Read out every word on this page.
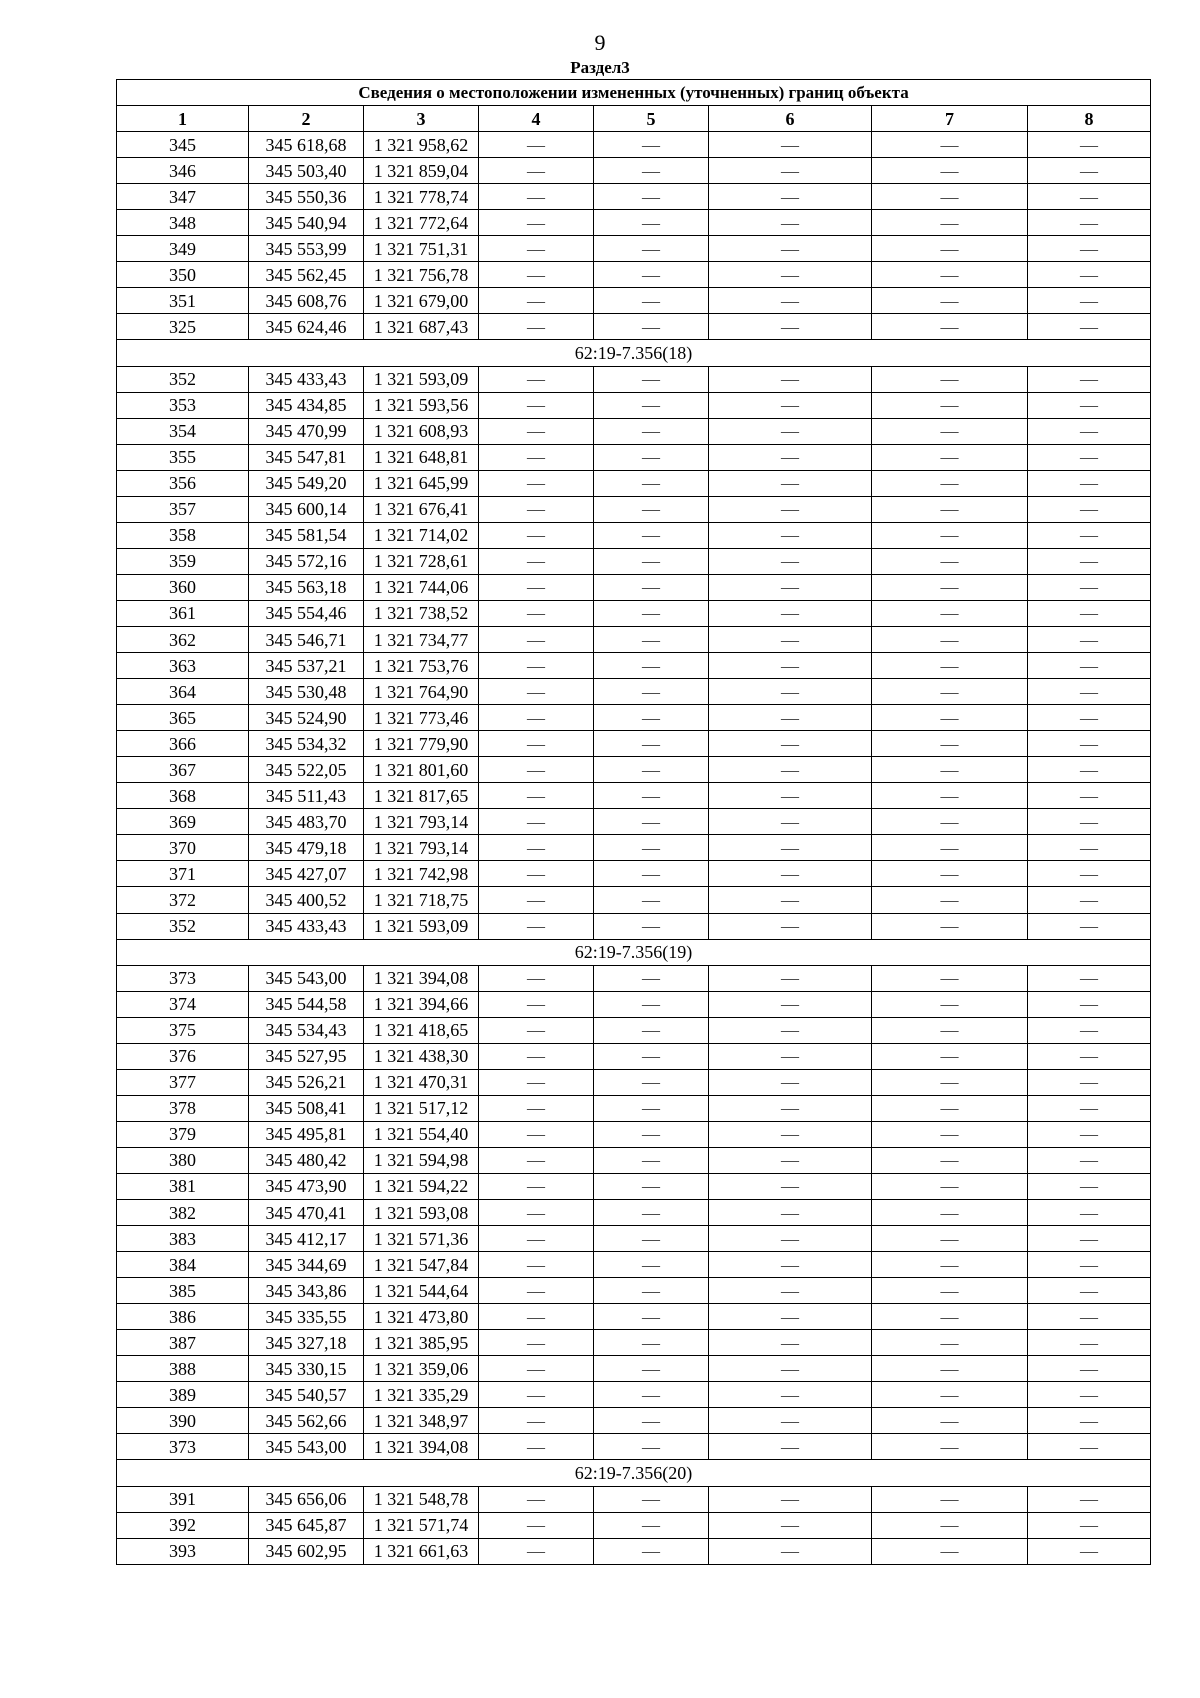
9
Раздел3
Сведения о местоположении измененных (уточненных) границ объекта							
1	2	3	4	5	6	7	8
345	345 618,68	1 321 958,62	—	—	—	—	—
346	345 503,40	1 321 859,04	—	—	—	—	—
347	345 550,36	1 321 778,74	—	—	—	—	—
348	345 540,94	1 321 772,64	—	—	—	—	—
349	345 553,99	1 321 751,31	—	—	—	—	—
350	345 562,45	1 321 756,78	—	—	—	—	—
351	345 608,76	1 321 679,00	—	—	—	—	—
325	345 624,46	1 321 687,43	—	—	—	—	—
62:19-7.356(18)							
352	345 433,43	1 321 593,09	—	—	—	—	—
353	345 434,85	1 321 593,56	—	—	—	—	—
354	345 470,99	1 321 608,93	—	—	—	—	—
355	345 547,81	1 321 648,81	—	—	—	—	—
356	345 549,20	1 321 645,99	—	—	—	—	—
357	345 600,14	1 321 676,41	—	—	—	—	—
358	345 581,54	1 321 714,02	—	—	—	—	—
359	345 572,16	1 321 728,61	—	—	—	—	—
360	345 563,18	1 321 744,06	—	—	—	—	—
361	345 554,46	1 321 738,52	—	—	—	—	—
362	345 546,71	1 321 734,77	—	—	—	—	—
363	345 537,21	1 321 753,76	—	—	—	—	—
364	345 530,48	1 321 764,90	—	—	—	—	—
365	345 524,90	1 321 773,46	—	—	—	—	—
366	345 534,32	1 321 779,90	—	—	—	—	—
367	345 522,05	1 321 801,60	—	—	—	—	—
368	345 511,43	1 321 817,65	—	—	—	—	—
369	345 483,70	1 321 793,14	—	—	—	—	—
370	345 479,18	1 321 793,14	—	—	—	—	—
371	345 427,07	1 321 742,98	—	—	—	—	—
372	345 400,52	1 321 718,75	—	—	—	—	—
352	345 433,43	1 321 593,09	—	—	—	—	—
62:19-7.356(19)							
373	345 543,00	1 321 394,08	—	—	—	—	—
374	345 544,58	1 321 394,66	—	—	—	—	—
375	345 534,43	1 321 418,65	—	—	—	—	—
376	345 527,95	1 321 438,30	—	—	—	—	—
377	345 526,21	1 321 470,31	—	—	—	—	—
378	345 508,41	1 321 517,12	—	—	—	—	—
379	345 495,81	1 321 554,40	—	—	—	—	—
380	345 480,42	1 321 594,98	—	—	—	—	—
381	345 473,90	1 321 594,22	—	—	—	—	—
382	345 470,41	1 321 593,08	—	—	—	—	—
383	345 412,17	1 321 571,36	—	—	—	—	—
384	345 344,69	1 321 547,84	—	—	—	—	—
385	345 343,86	1 321 544,64	—	—	—	—	—
386	345 335,55	1 321 473,80	—	—	—	—	—
387	345 327,18	1 321 385,95	—	—	—	—	—
388	345 330,15	1 321 359,06	—	—	—	—	—
389	345 540,57	1 321 335,29	—	—	—	—	—
390	345 562,66	1 321 348,97	—	—	—	—	—
373	345 543,00	1 321 394,08	—	—	—	—	—
62:19-7.356(20)							
391	345 656,06	1 321 548,78	—	—	—	—	—
392	345 645,87	1 321 571,74	—	—	—	—	—
393	345 602,95	1 321 661,63	—	—	—	—	—
